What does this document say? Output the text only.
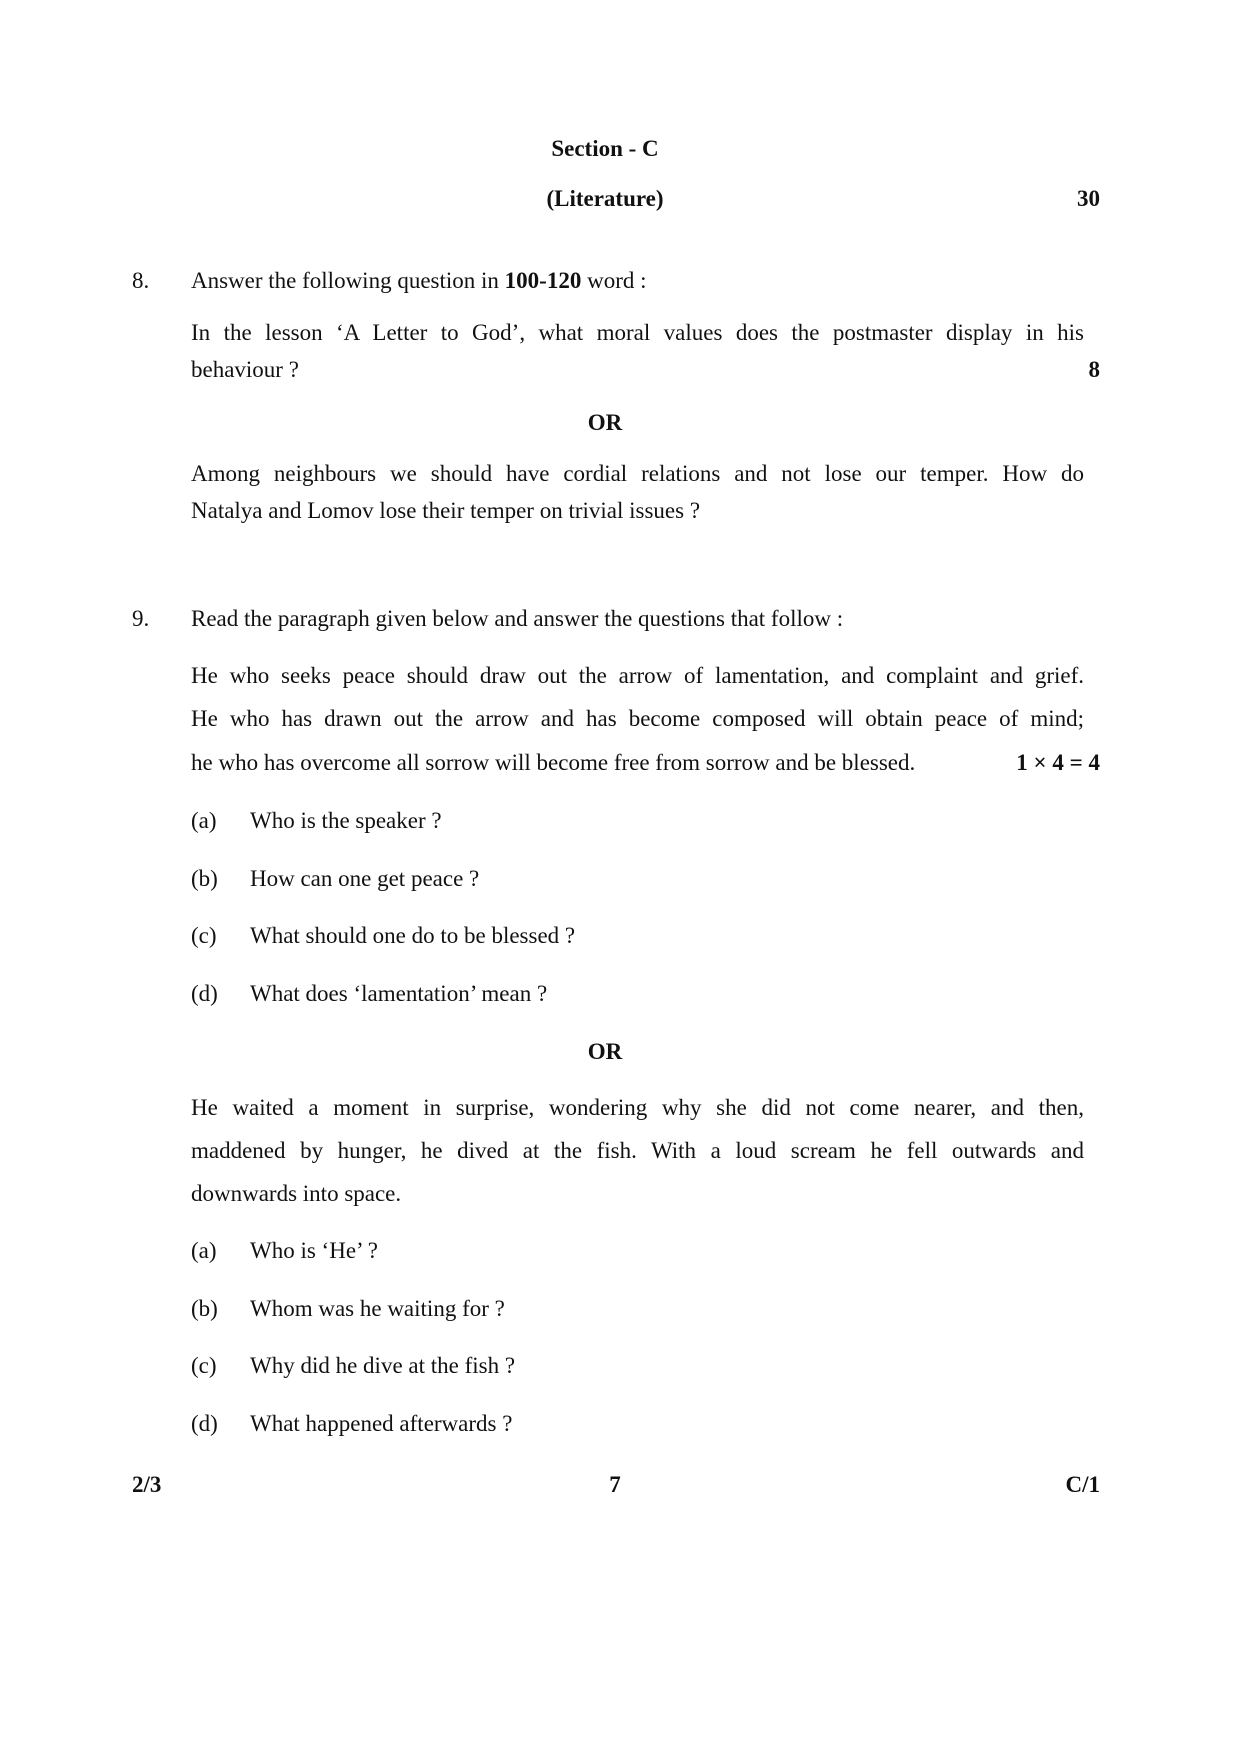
Section - C
(Literature)	30
8. Answer the following question in 100-120 word :
In the lesson ‘A Letter to God’, what moral values does the postmaster display in his
behaviour ?	8
OR
Among neighbours we should have cordial relations and not lose our temper. How do
Natalya and Lomov lose their temper on trivial issues ?
9. Read the paragraph given below and answer the questions that follow :
He who seeks peace should draw out the arrow of lamentation, and complaint and grief.
He who has drawn out the arrow and has become composed will obtain peace of mind;
he who has overcome all sorrow will become free from sorrow and be blessed.	1 × 4 = 4
(a) Who is the speaker ?
(b) How can one get peace ?
(c) What should one do to be blessed ?
(d) What does ‘lamentation’ mean ?
OR
He waited a moment in surprise, wondering why she did not come nearer, and then,
maddened by hunger, he dived at the fish. With a loud scream he fell outwards and
downwards into space.
(a) Who is ‘He’ ?
(b) Whom was he waiting for ?
(c) Why did he dive at the fish ?
(d) What happened afterwards ?
2/3	7	C/1
